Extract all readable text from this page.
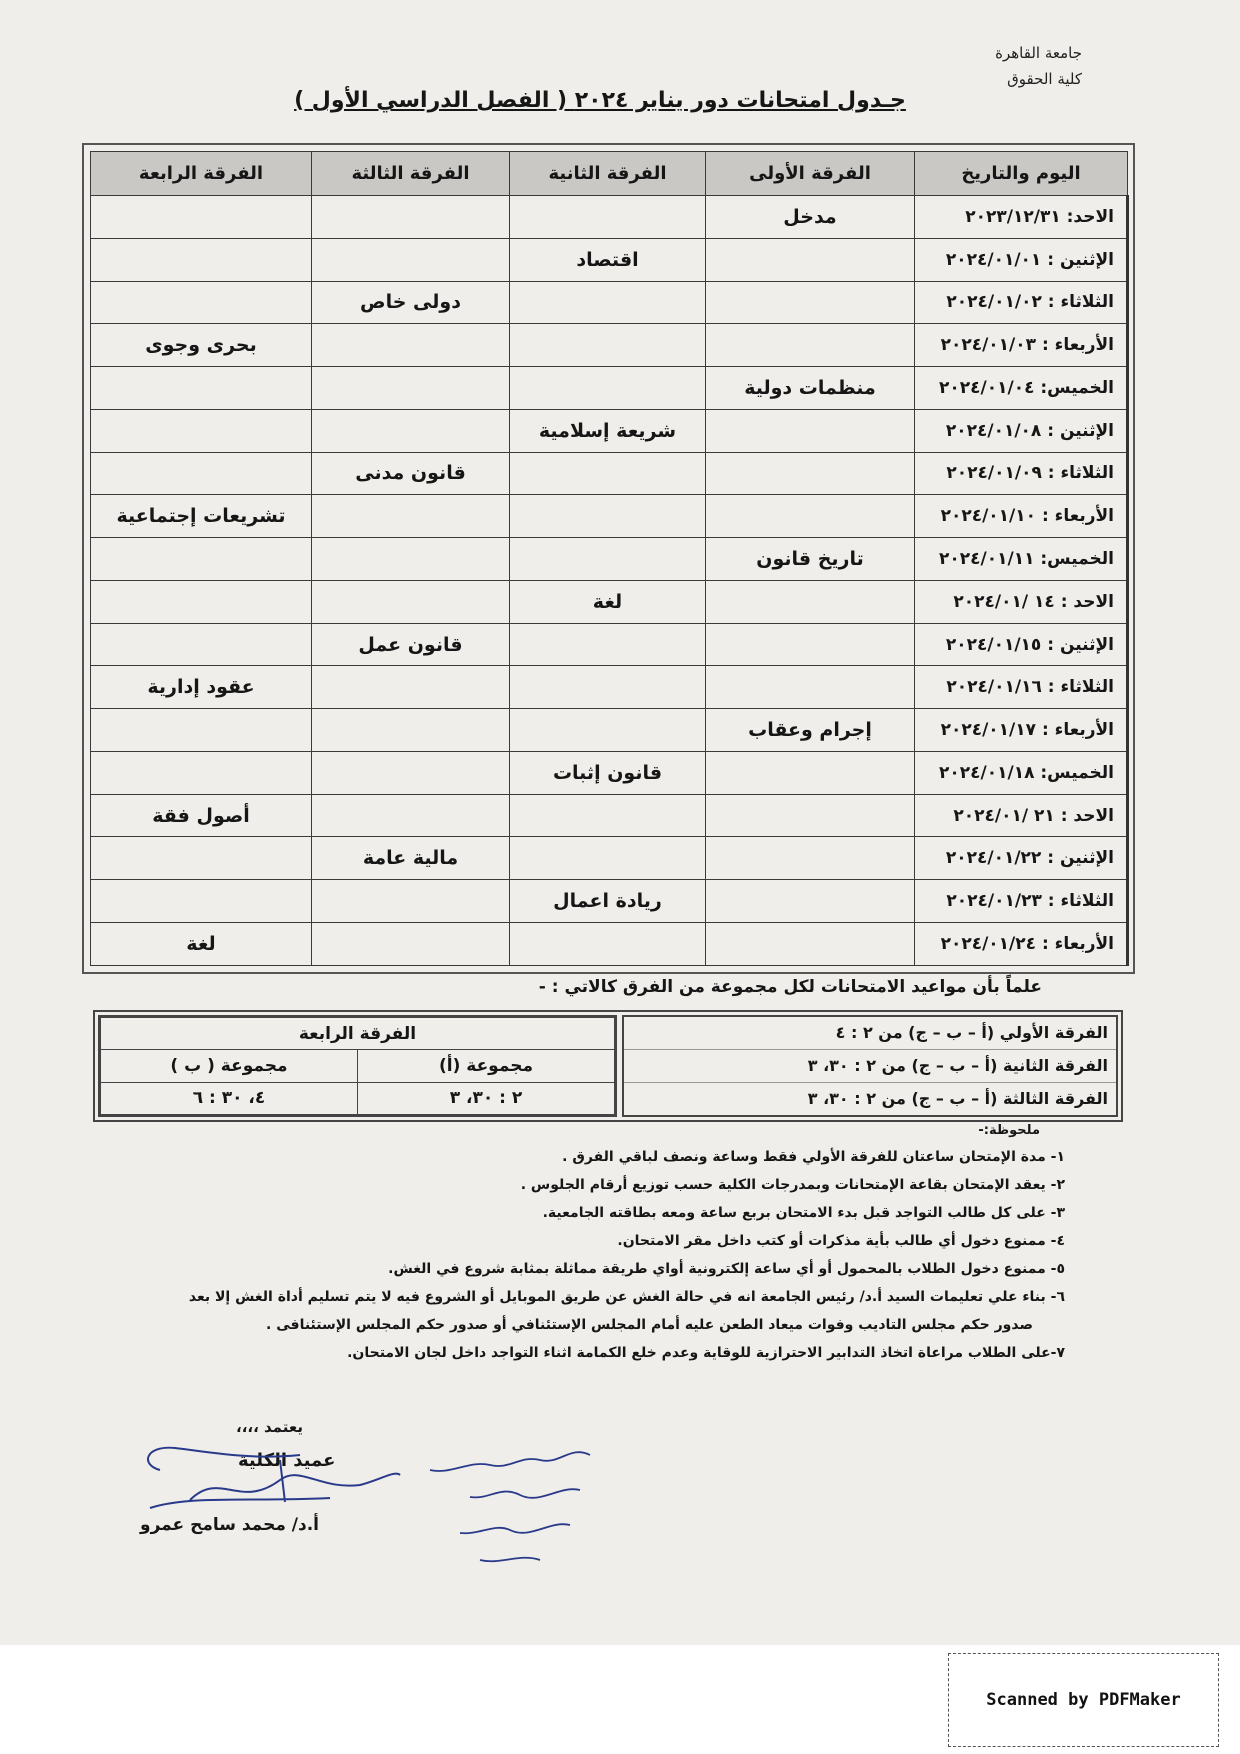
جامعة القاهرة
كلية الحقوق
جـدول امتحانات دور يناير ٢٠٢٤ ( الفصل الدراسي الأول )
اليوم والتاريخ	الفرقة الأولى	الفرقة الثانية	الفرقة الثالثة	الفرقة الرابعة
الاحد: ٢٠٢٣/١٢/٣١	مدخل			
الإثنين : ٢٠٢٤/٠١/٠١		اقتصاد		
الثلاثاء : ٢٠٢٤/٠١/٠٢			دولى خاص	
الأربعاء : ٢٠٢٤/٠١/٠٣				بحرى وجوى
الخميس: ٢٠٢٤/٠١/٠٤	منظمات دولية			
الإثنين : ٢٠٢٤/٠١/٠٨		شريعة إسلامية		
الثلاثاء : ٢٠٢٤/٠١/٠٩			قانون مدنى	
الأربعاء : ٢٠٢٤/٠١/١٠				تشريعات إجتماعية
الخميس: ٢٠٢٤/٠١/١١	تاريخ قانون			
الاحد : ١٤ /٢٠٢٤/٠١		لغة		
الإثنين : ٢٠٢٤/٠١/١٥			قانون عمل	
الثلاثاء : ٢٠٢٤/٠١/١٦				عقود إدارية
الأربعاء : ٢٠٢٤/٠١/١٧	إجرام وعقاب			
الخميس: ٢٠٢٤/٠١/١٨		قانون إثبات		
الاحد : ٢١ /٢٠٢٤/٠١				أصول فقة
الإثنين : ٢٠٢٤/٠١/٢٢			مالية عامة	
الثلاثاء : ٢٠٢٤/٠١/٢٣		ريادة اعمال		
الأربعاء : ٢٠٢٤/٠١/٢٤				لغة
علماً بأن مواعيد الامتحانات لكل مجموعة من الفرق كالاتي : -
الفرقة الأولي (أ – ب – ج) من ٢ : ٤
الفرقة الثانية (أ – ب – ج) من ٢ : ٣٠، ٣
الفرقة الثالثة (أ – ب – ج) من ٢ : ٣٠، ٣
الفرقة الرابعة	
مجموعة (أ)	مجموعة ( ب )
٢ : ٣٠، ٣	٤، ٣٠ : ٦
ملحوظة:-
١- مدة الإمتحان ساعتان للفرقة الأولي فقط وساعة ونصف لباقي الفرق .
٢- يعقد الإمتحان بقاعة الإمتحانات وبمدرجات الكلية حسب توزيع أرقام الجلوس .
٣- على كل طالب التواجد قبل بدء الامتحان بربع ساعة ومعه بطاقته الجامعية.
٤- ممنوع دخول أي طالب بأية مذكرات أو كتب داخل مقر الامتحان.
٥- ممنوع دخول الطلاب بالمحمول أو أي ساعة إلكترونية أواي طريقة مماثلة بمثابة شروع في الغش.
٦- بناء علي تعليمات السيد أ.د/ رئيس الجامعة انه في حالة الغش عن طريق الموبايل أو الشروع فيه لا يتم تسليم أداة الغش إلا بعد
صدور حكم مجلس التاديب وفوات ميعاد الطعن عليه أمام المجلس الإستئنافي أو صدور حكم المجلس الإستئنافى .
٧-على الطلاب مراعاة اتخاذ التدابير الاحترازية للوقاية وعدم خلع الكمامة اثناء التواجد داخل لجان الامتحان.
يعتمد ،،،،
عميد الكلية
أ.د/ محمد سامح عمرو
Scanned by PDFMaker
